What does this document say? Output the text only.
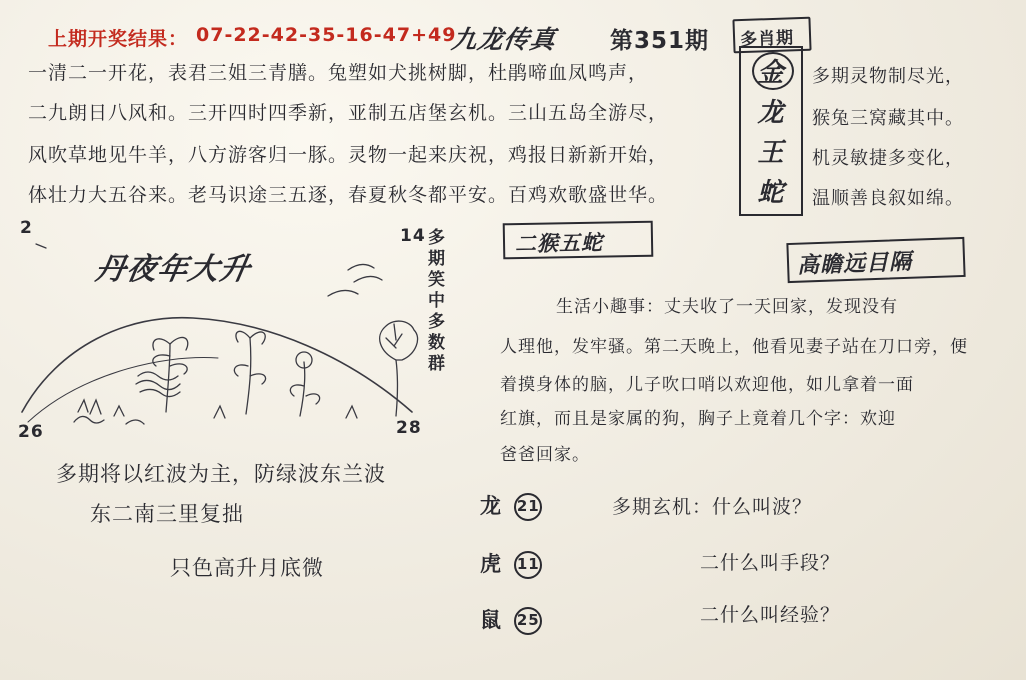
上期开奖结果： 07-22-42-35-16-47+49
九龙传真 第351期 多肖期
金
龙
王
蛇
一清二一开花，表君三姐三青膳。兔塑如犬挑树脚，杜鹃啼血凤鸣声，
二九朗日八风和。三开四时四季新，亚制五店堡玄机。三山五岛全游尽，
风吹草地见牛羊，八方游客归一豚。灵物一起来庆祝，鸡报日新新开始，
体壮力大五谷来。老马识途三五逐，春夏秋冬都平安。百鸡欢歌盛世华。
多期灵物制尽光，
猴兔三窝藏其中。
机灵敏捷多变化，
温顺善良叙如绵。
二猴五蛇
高瞻远目隔
丹夜年大升
2	14
26	28
多期笑中多数群
多期将以红波为主，防绿波东兰波
东二南三里复拙
只色高升月底微
生活小趣事：丈夫收了一天回家，发现没有
人理他，发牢骚。第二天晚上，他看见妻子站在刀口旁，便
着摸身体的脑，儿子吹口哨以欢迎他，如儿拿着一面
红旗，而且是家属的狗，胸子上竟着几个字：欢迎
爸爸回家。
龙 21
虎 11
鼠 25
多期玄机：什么叫波？
二什么叫手段？
二什么叫经验？
